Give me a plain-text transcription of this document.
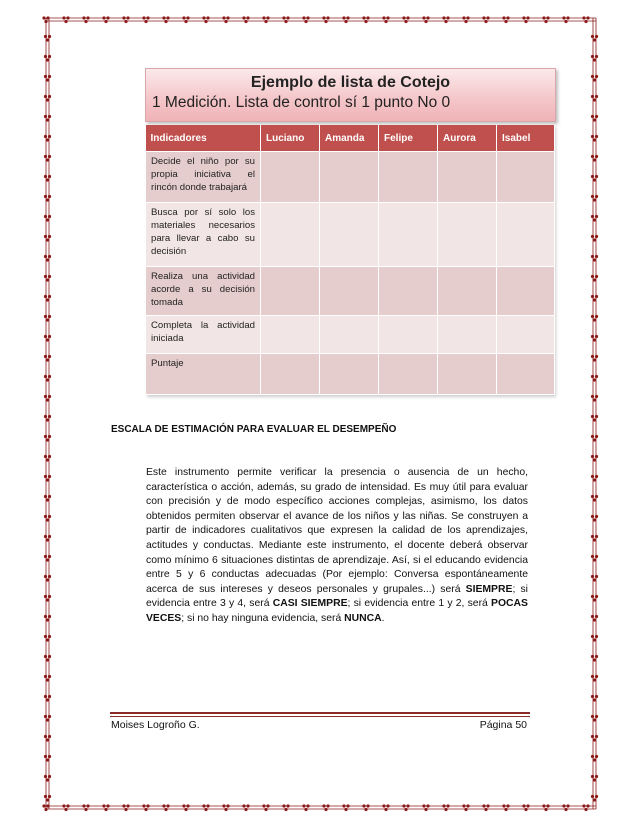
Ejemplo de lista de Cotejo
1 Medición. Lista de control sí 1 punto No 0
Indicadores	Luciano	Amanda	Felipe	Aurora	Isabel
Decide el niño por su propia iniciativa el rincón donde trabajará					
Busca por sí solo los materiales necesarios para llevar a cabo su decisión					
Realiza una actividad acorde a su decisión tomada					
Completa la actividad iniciada					
Puntaje					
ESCALA DE ESTIMACIÓN PARA EVALUAR EL DESEMPEÑO
Este instrumento permite verificar la presencia o ausencia de un hecho, característica o acción, además, su grado de intensidad. Es muy útil para evaluar con precisión y de modo específico acciones complejas, asimismo, los datos obtenidos permiten observar el avance de los niños y las niñas. Se construyen a partir de indicadores cualitativos que expresen la calidad de los aprendizajes, actitudes y conductas. Mediante este instrumento, el docente deberá observar como mínimo 6 situaciones distintas de aprendizaje. Así, si el educando evidencia entre 5 y 6 conductas adecuadas (Por ejemplo: Conversa espontáneamente acerca de sus intereses y deseos personales y grupales...) será SIEMPRE; si evidencia entre 3 y 4, será CASI SIEMPRE; si evidencia entre 1 y 2, será POCAS VECES; si no hay ninguna evidencia, será NUNCA.
Moises Logroño G.	Página 50
